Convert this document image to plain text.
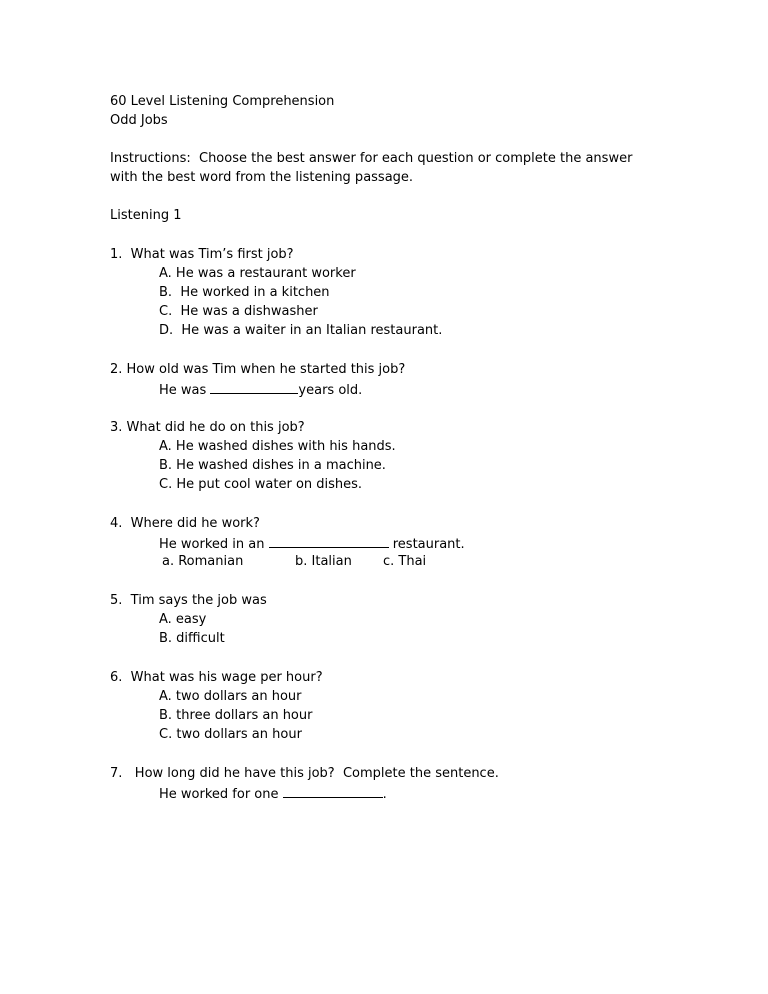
60 Level Listening Comprehension
Odd Jobs
Instructions:  Choose the best answer for each question or complete the answer
with the best word from the listening passage.
Listening 1
1.  What was Tim’s first job?
A. He was a restaurant worker
B.  He worked in a kitchen
C.  He was a dishwasher
D.  He was a waiter in an Italian restaurant.
2. How old was Tim when he started this job?
He was	years old.
3. What did he do on this job?
A. He washed dishes with his hands.
B. He washed dishes in a machine.
C. He put cool water on dishes.
4.  Where did he work?
He worked in an	restaurant.
a. Romanian	b. Italian c. Thai
5.  Tim says the job was
A. easy
B. difficult
6.  What was his wage per hour?
A. two dollars an hour
B. three dollars an hour
C. two dollars an hour
7.   How long did he have this job?  Complete the sentence.
He worked for one	.
